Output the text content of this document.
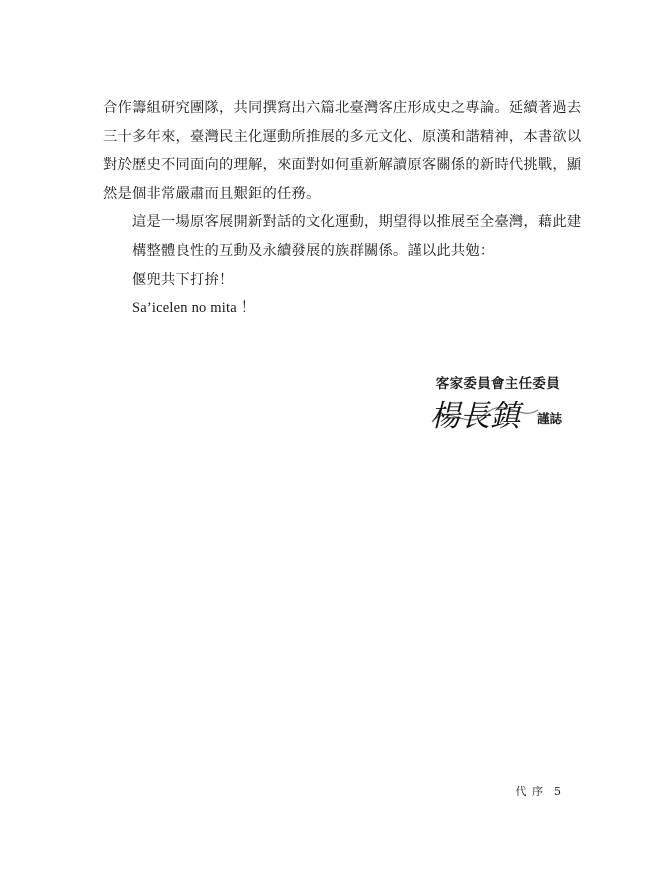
合作籌組研究團隊，共同撰寫出六篇北臺灣客庄形成史之專論。延續著過去
三十多年來，臺灣民主化運動所推展的多元文化、原漢和諧精神，本書欲以
對於歷史不同面向的理解，來面對如何重新解讀原客關係的新時代挑戰，顯
然是個非常嚴肅而且艱鉅的任務。

這是一場原客展開新對話的文化運動，期望得以推展至全臺灣，藉此建
構整體良性的互動及永續發展的族群關係。謹以此共勉：

偃兜共下打拚！

Sa’icelen no mita ！

客家委員會主任委員
楊長鎮	謹誌
代 序 5
